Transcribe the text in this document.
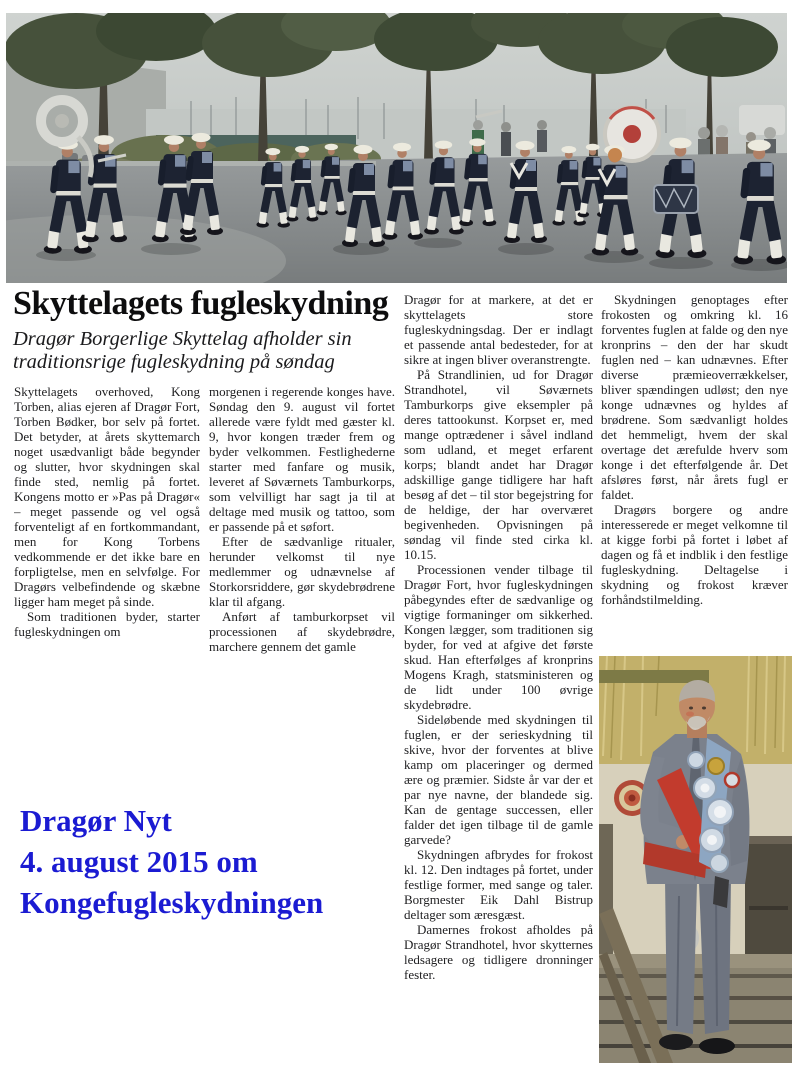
Skyttelagets fugleskydning
Dragør Borgerlige Skyttelag afholder sin traditionsrige fugleskydning på søndag

Skyttelagets overhoved, Kong Torben, alias ejeren af Dragør Fort, Torben Bødker, bor selv på fortet. Det betyder, at årets skyttemarch noget usædvanligt både begynder og slutter, hvor skydningen skal finde sted, nemlig på fortet. Kongens motto er »Pas på Dragør« – meget passende og vel også forventeligt af en fortkommandant, men for Kong Torbens vedkommende er det ikke bare en forpligtelse, men en selvfølge. For Dragørs velbefindende og skæbne ligger ham meget på sinde.

Som traditionen byder, starter fugleskydningen om

morgenen i regerende konges have. Søndag den 9. august vil fortet allerede være fyldt med gæster kl. 9, hvor kongen træder frem og byder velkommen. Festlighederne starter med fanfare og musik, leveret af Søværnets Tamburkorps, som velvilligt har sagt ja til at deltage med musik og tattoo, som er passende på et søfort.

Efter de sædvanlige ritualer, herunder velkomst til nye medlemmer og udnævnelse af Storkorsriddere, gør skydebrødrene klar til afgang.

Anført af tamburkorpset vil processionen af skydebrødre, marchere gennem det gamle

Dragør for at markere, at det er skyttelagets store fugleskydningsdag. Der er indlagt et passende antal bedesteder, for at sikre at ingen bliver overanstrengte.

På Strandlinien, ud for Dragør Strandhotel, vil Søværnets Tamburkorps give eksempler på deres tattookunst. Korpset er, med mange optrædener i såvel indland som udland, et meget erfarent korps; blandt andet har Dragør adskillige gange tidligere har haft besøg af det – til stor begejstring for de heldige, der har overværet begivenheden. Opvisningen på søndag vil finde sted cirka kl. 10.15.

Processionen vender tilbage til Dragør Fort, hvor fugleskydningen påbegyndes efter de sædvanlige og vigtige formaninger om sikkerhed. Kongen lægger, som traditionen sig byder, for ved at afgive det første skud. Han efterfølges af kronprins Mogens Kragh, statsministeren og de lidt under 100 øvrige skydebrødre.

Sideløbende med skydningen til fuglen, er der serieskydning til skive, hvor der forventes at blive kamp om placeringer og dermed ære og præmier. Sidste år var der et par nye navne, der blandede sig. Kan de gentage successen, eller falder det igen tilbage til de gamle garvede?

Skydningen afbrydes for frokost kl. 12. Den indtages på fortet, under festlige former, med sange og taler. Borgmester Eik Dahl Bistrup deltager som æresgæst.

Damernes frokost afholdes på Dragør Strandhotel, hvor skytternes ledsagere og tidligere dronninger fester.

Skydningen genoptages efter frokosten og omkring kl. 16 forventes fuglen at falde og den nye kronprins – den der har skudt fuglen ned – kan udnævnes. Efter diverse præmieoverrækkelser, bliver spændingen udløst; den nye konge udnævnes og hyldes af brødrene. Som sædvanligt holdes det hemmeligt, hvem der skal overtage det ærefulde hverv som konge i det efterfølgende år. Det afsløres først, når årets fugl er faldet.

Dragørs borgere og andre interesserede er meget velkomne til at kigge forbi på fortet i løbet af dagen og få et indblik i den festlige fugleskydning. Deltagelse i skydning og frokost kræver forhåndstilmelding.

Dragør Nyt
4. august 2015 om
Kongefugleskydningen
